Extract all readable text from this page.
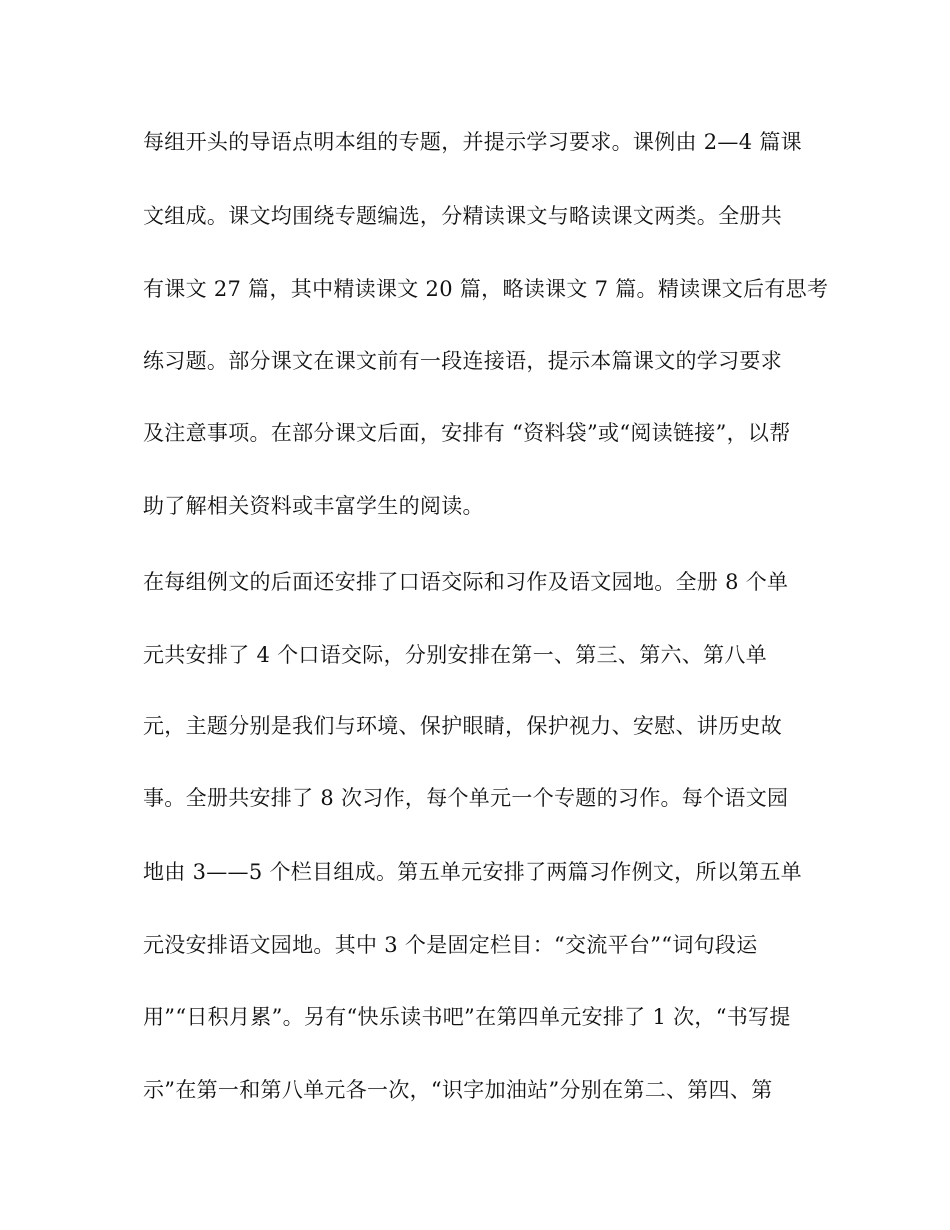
每组开头的导语点明本组的专题，并提示学习要求。课例由 2—4 篇课

文组成。课文均围绕专题编选，分精读课文与略读课文两类。全册共

有课文 27 篇，其中精读课文 20 篇，略读课文 7 篇。精读课文后有思考

练习题。部分课文在课文前有一段连接语，提示本篇课文的学习要求

及注意事项。在部分课文后面，安排有 “资料袋”或“阅读链接”，以帮

助了解相关资料或丰富学生的阅读。

在每组例文的后面还安排了口语交际和习作及语文园地。全册 8 个单

元共安排了 4 个口语交际，分别安排在第一、第三、第六、第八单

元，主题分别是我们与环境、保护眼睛，保护视力、安慰、讲历史故

事。全册共安排了 8 次习作，每个单元一个专题的习作。每个语文园

地由 3——5 个栏目组成。第五单元安排了两篇习作例文，所以第五单

元没安排语文园地。其中 3 个是固定栏目：“交流平台”“词句段运

用”“日积月累”。另有“快乐读书吧”在第四单元安排了 1 次，“书写提

示”在第一和第八单元各一次，“识字加油站”分别在第二、第四、第
